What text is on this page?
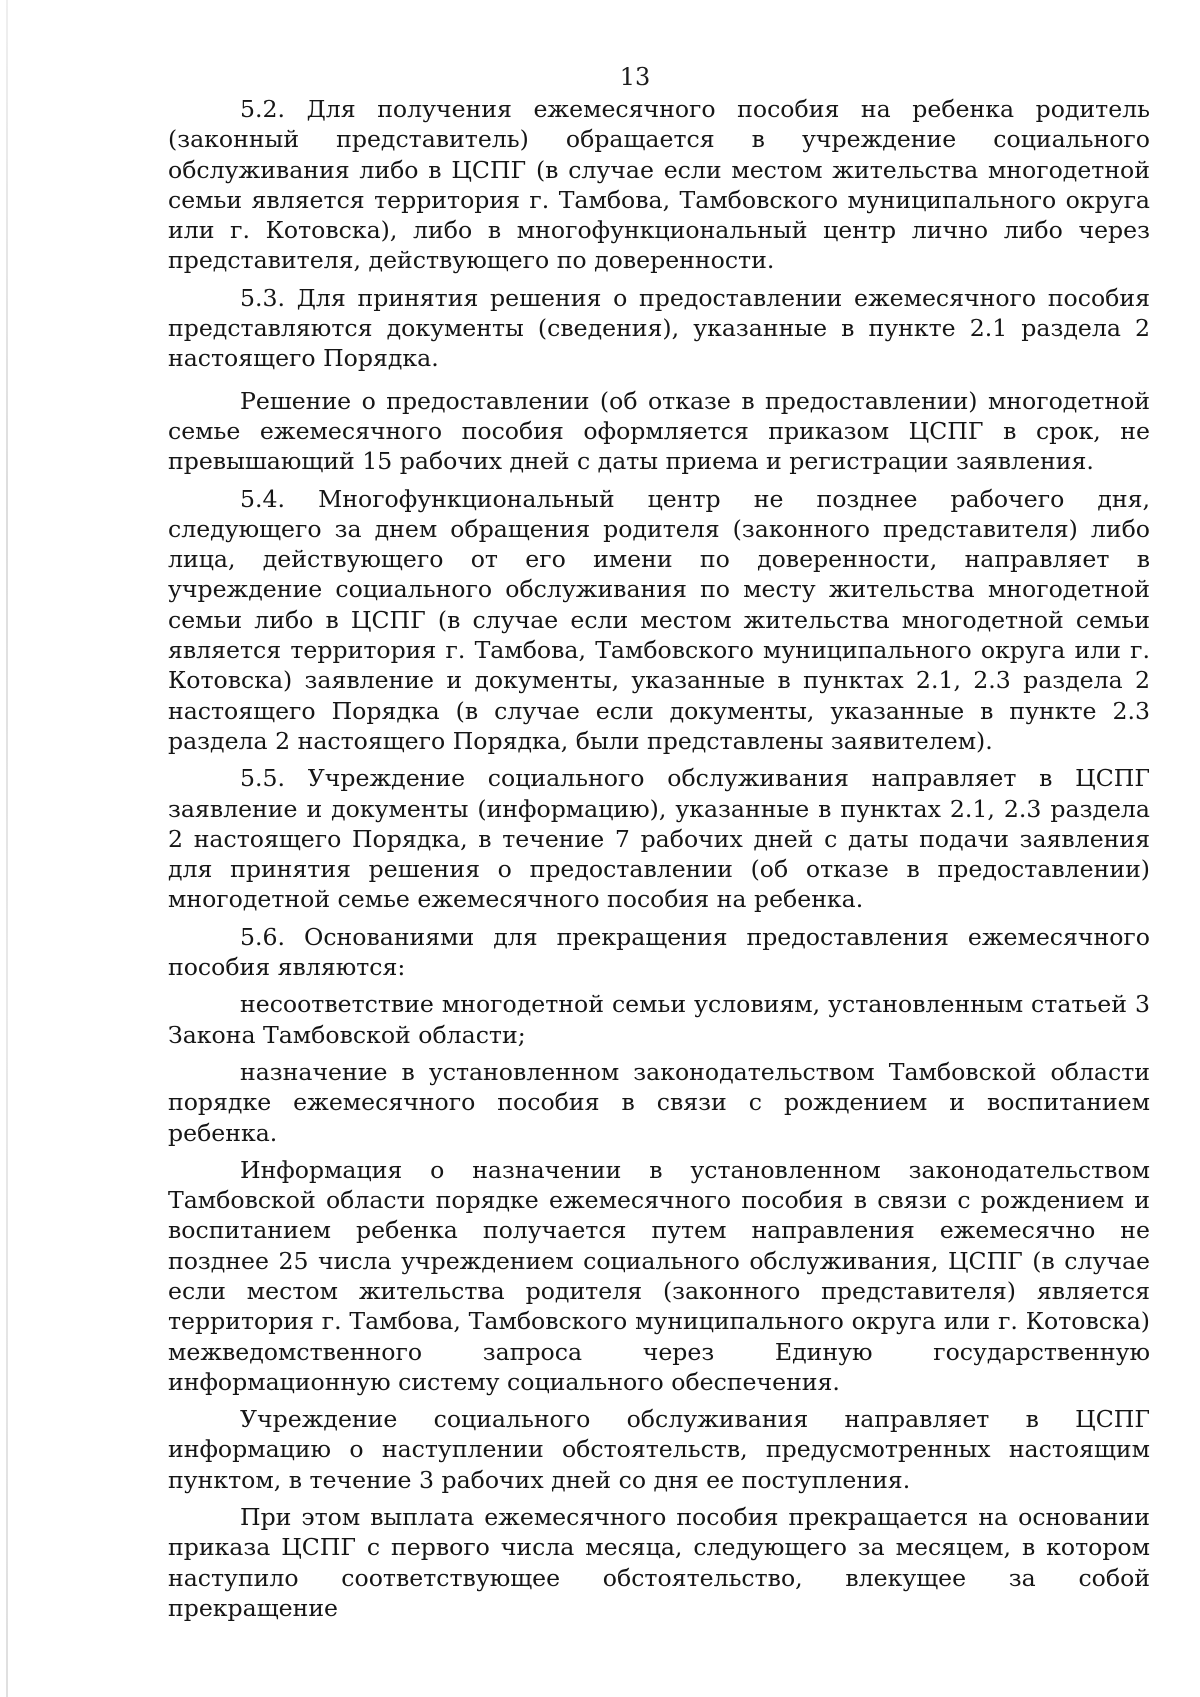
13

5.2. Для получения ежемесячного пособия на ребенка родитель (законный представитель) обращается в учреждение социального обслуживания либо в ЦСПГ (в случае если местом жительства многодетной семьи является территория г. Тамбова, Тамбовского муниципального округа или г. Котовска), либо в многофункциональный центр лично либо через представителя, действующего по доверенности.

5.3. Для принятия решения о предоставлении ежемесячного пособия представляются документы (сведения), указанные в пункте 2.1 раздела 2 настоящего Порядка.

Решение о предоставлении (об отказе в предоставлении) многодетной семье ежемесячного пособия оформляется приказом ЦСПГ в срок, не превышающий 15 рабочих дней с даты приема и регистрации заявления.

5.4. Многофункциональный центр не позднее рабочего дня, следующего за днем обращения родителя (законного представителя) либо лица, действующего от его имени по доверенности, направляет в учреждение социального обслуживания по месту жительства многодетной семьи либо в ЦСПГ (в случае если местом жительства многодетной семьи является территория г. Тамбова, Тамбовского муниципального округа или г. Котовска) заявление и документы, указанные в пунктах 2.1, 2.3 раздела 2 настоящего Порядка (в случае если документы, указанные в пункте 2.3 раздела 2 настоящего Порядка, были представлены заявителем).

5.5. Учреждение социального обслуживания направляет в ЦСПГ заявление и документы (информацию), указанные в пунктах 2.1, 2.3 раздела 2 настоящего Порядка, в течение 7 рабочих дней с даты подачи заявления для принятия решения о предоставлении (об отказе в предоставлении) многодетной семье ежемесячного пособия на ребенка.

5.6. Основаниями для прекращения предоставления ежемесячного пособия являются:

несоответствие многодетной семьи условиям, установленным статьей 3 Закона Тамбовской области;

назначение в установленном законодательством Тамбовской области порядке ежемесячного пособия в связи с рождением и воспитанием ребенка.

Информация о назначении в установленном законодательством Тамбовской области порядке ежемесячного пособия в связи с рождением и воспитанием ребенка получается путем направления ежемесячно не позднее 25 числа учреждением социального обслуживания, ЦСПГ (в случае если местом жительства родителя (законного представителя) является территория г. Тамбова, Тамбовского муниципального округа или г. Котовска) межведомственного запроса через Единую государственную информационную систему социального обеспечения.

Учреждение социального обслуживания направляет в ЦСПГ информацию о наступлении обстоятельств, предусмотренных настоящим пунктом, в течение 3 рабочих дней со дня ее поступления.

При этом выплата ежемесячного пособия прекращается на основании приказа ЦСПГ с первого числа месяца, следующего за месяцем, в котором наступило соответствующее обстоятельство, влекущее за собой прекращение
